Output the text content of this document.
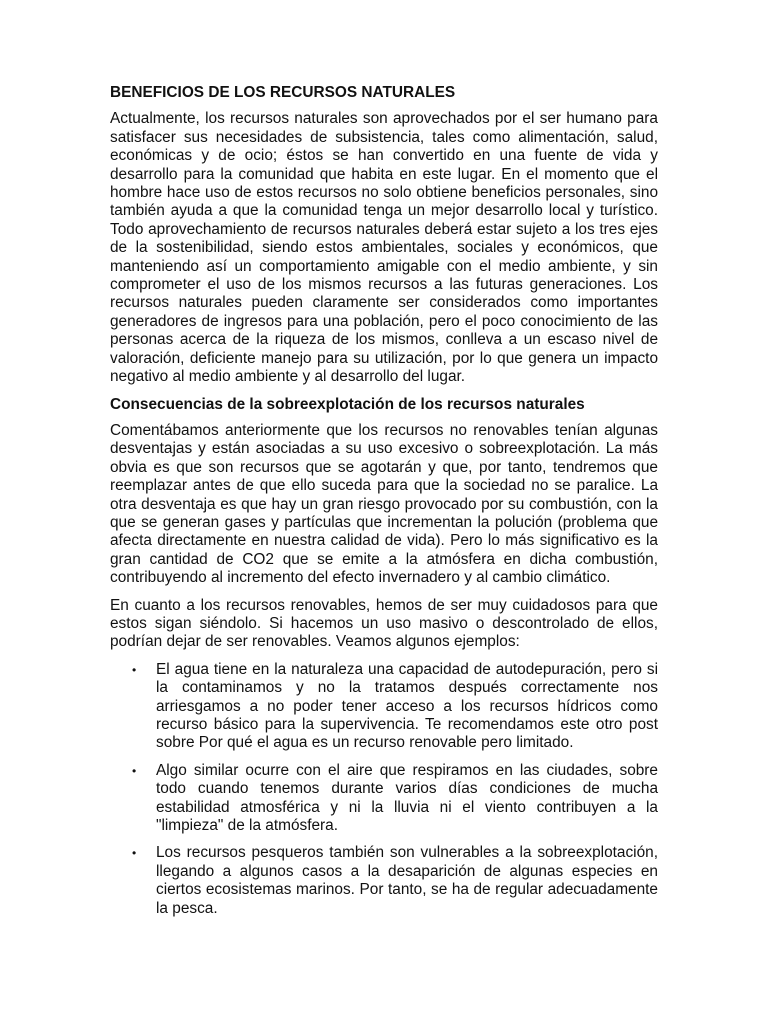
BENEFICIOS DE LOS RECURSOS NATURALES

Actualmente, los recursos naturales son aprovechados por el ser humano para satisfacer sus necesidades de subsistencia, tales como alimentación, salud, económicas y de ocio; éstos se han convertido en una fuente de vida y desarrollo para la comunidad que habita en este lugar. En el momento que el hombre hace uso de estos recursos no solo obtiene beneficios personales, sino también ayuda a que la comunidad tenga un mejor desarrollo local y turístico. Todo aprovechamiento de recursos naturales deberá estar sujeto a los tres ejes de la sostenibilidad, siendo estos ambientales, sociales y económicos, que manteniendo así un comportamiento amigable con el medio ambiente, y sin comprometer el uso de los mismos recursos a las futuras generaciones. Los recursos naturales pueden claramente ser considerados como importantes generadores de ingresos para una población, pero el poco conocimiento de las personas acerca de la riqueza de los mismos, conlleva a un escaso nivel de valoración, deficiente manejo para su utilización, por lo que genera un impacto negativo al medio ambiente y al desarrollo del lugar.

Consecuencias de la sobreexplotación de los recursos naturales

Comentábamos anteriormente que los recursos no renovables tenían algunas desventajas y están asociadas a su uso excesivo o sobreexplotación. La más obvia es que son recursos que se agotarán y que, por tanto, tendremos que reemplazar antes de que ello suceda para que la sociedad no se paralice. La otra desventaja es que hay un gran riesgo provocado por su combustión, con la que se generan gases y partículas que incrementan la polución (problema que afecta directamente en nuestra calidad de vida). Pero lo más significativo es la gran cantidad de CO2 que se emite a la atmósfera en dicha combustión, contribuyendo al incremento del efecto invernadero y al cambio climático.

En cuanto a los recursos renovables, hemos de ser muy cuidadosos para que estos sigan siéndolo. Si hacemos un uso masivo o descontrolado de ellos, podrían dejar de ser renovables. Veamos algunos ejemplos:

• El agua tiene en la naturaleza una capacidad de autodepuración, pero si la contaminamos y no la tratamos después correctamente nos arriesgamos a no poder tener acceso a los recursos hídricos como recurso básico para la supervivencia. Te recomendamos este otro post sobre Por qué el agua es un recurso renovable pero limitado.
• Algo similar ocurre con el aire que respiramos en las ciudades, sobre todo cuando tenemos durante varios días condiciones de mucha estabilidad atmosférica y ni la lluvia ni el viento contribuyen a la "limpieza" de la atmósfera.
• Los recursos pesqueros también son vulnerables a la sobreexplotación, llegando a algunos casos a la desaparición de algunas especies en ciertos ecosistemas marinos. Por tanto, se ha de regular adecuadamente la pesca.
